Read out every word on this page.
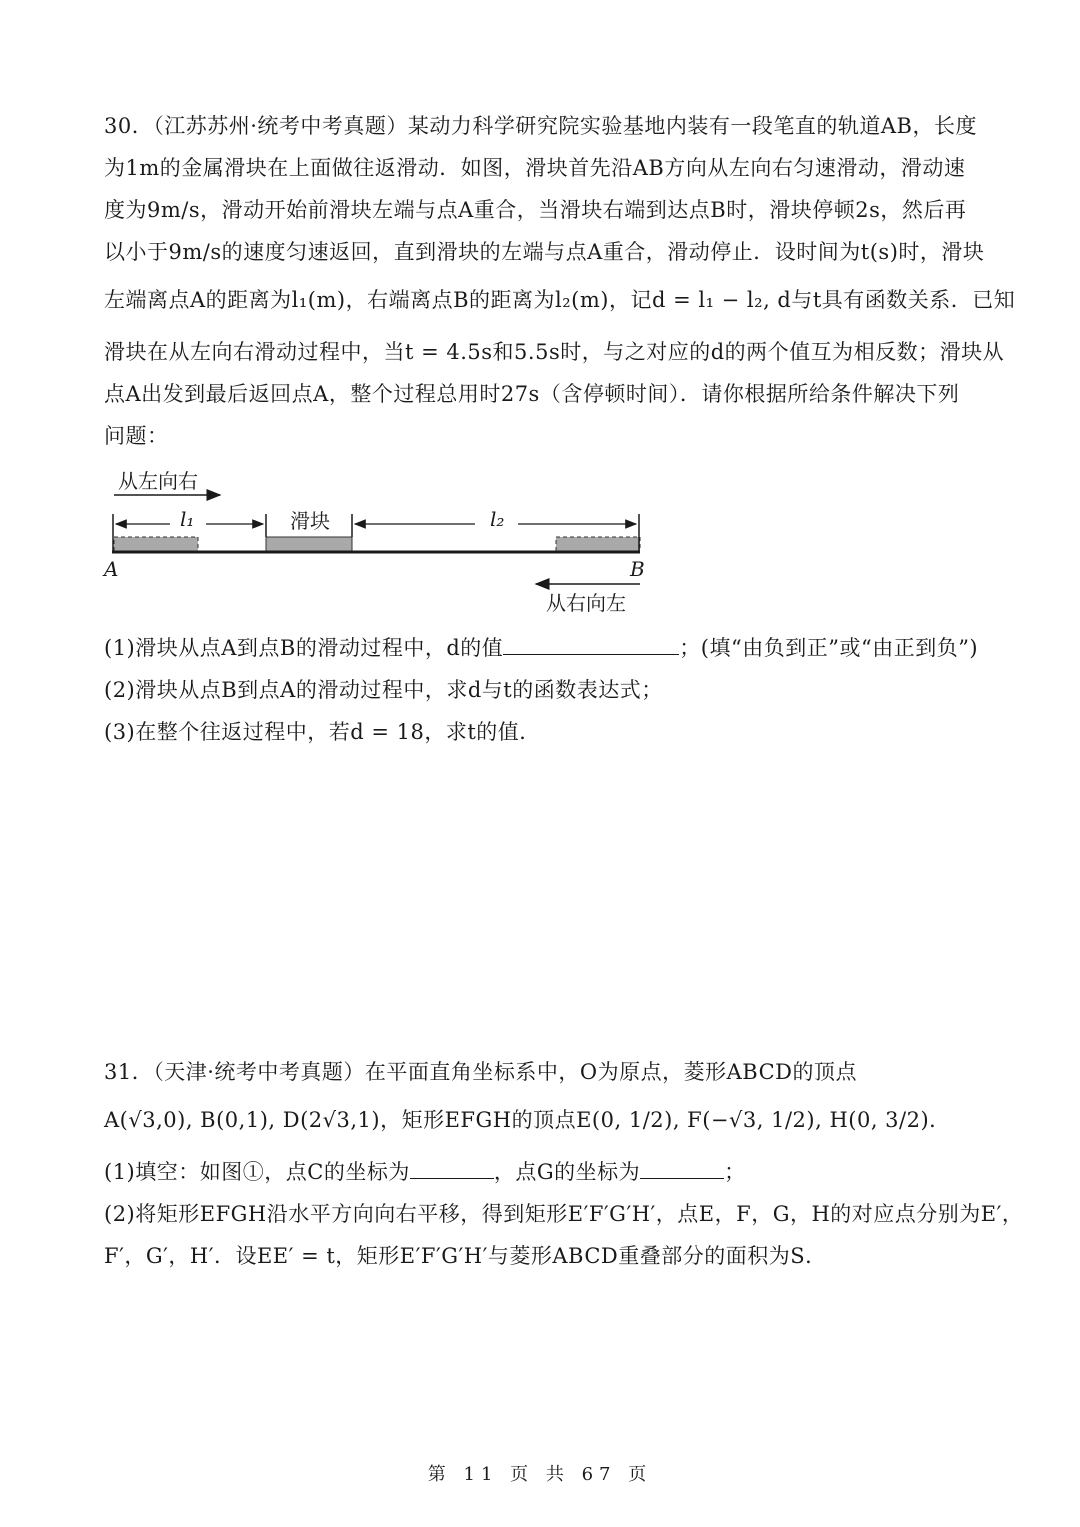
30．（江苏苏州·统考中考真题）某动力科学研究院实验基地内装有一段笔直的轨道AB，长度
为1m的金属滑块在上面做往返滑动．如图，滑块首先沿AB方向从左向右匀速滑动，滑动速
度为9m/s，滑动开始前滑块左端与点A重合，当滑块右端到达点B时，滑块停顿2s，然后再
以小于9m/s的速度匀速返回，直到滑块的左端与点A重合，滑动停止．设时间为t(s)时，滑块
左端离点A的距离为l₁(m)，右端离点B的距离为l₂(m)，记d = l₁ − l₂, d与t具有函数关系．已知
滑块在从左向右滑动过程中，当t = 4.5s和5.5s时，与之对应的d的两个值互为相反数；滑块从
点A出发到最后返回点A，整个过程总用时27s（含停顿时间）．请你根据所给条件解决下列
问题：
从左向右
l₁	滑块	l₂
A	B
从右向左
(1)滑块从点A到点B的滑动过程中，d的值	；(填“由负到正”或“由正到负”)
(2)滑块从点B到点A的滑动过程中，求d与t的函数表达式；
(3)在整个往返过程中，若d = 18，求t的值．
31．（天津·统考中考真题）在平面直角坐标系中，O为原点，菱形ABCD的顶点
A(√3,0), B(0,1), D(2√3,1)，矩形EFGH的顶点E(0, 1/2), F(−√3, 1/2), H(0, 3/2)．
(1)填空：如图①，点C的坐标为	，点G的坐标为	；
(2)将矩形EFGH沿水平方向向右平移，得到矩形E′F′G′H′，点E，F，G，H的对应点分别为E′，
F′，G′，H′．设EE′ = t，矩形E′F′G′H′与菱形ABCD重叠部分的面积为S．
第 11 页 共 67 页
